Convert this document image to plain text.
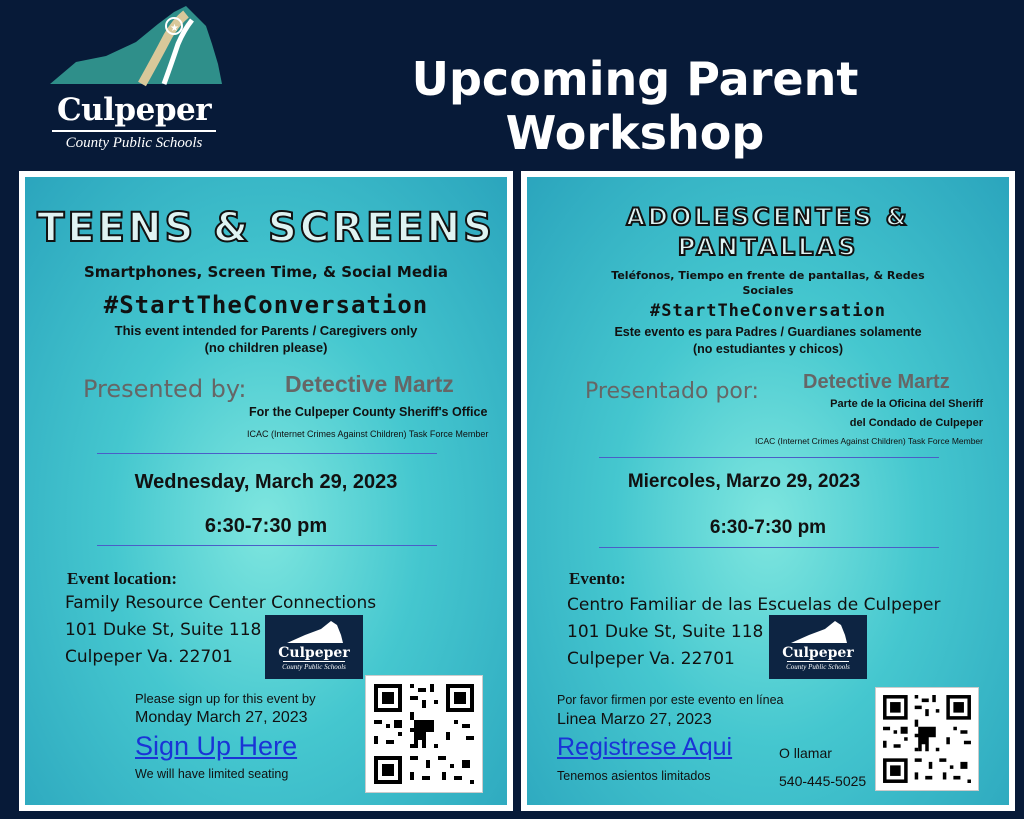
★
Culpeper
County Public Schools
Upcoming Parent Workshop
TEENS & SCREENS
Smartphones, Screen Time, & Social Media
#StartTheConversation
This event intended for Parents / Caregivers only
(no children please)
Presented by: Detective Martz
For the Culpeper County Sheriff's Office
ICAC (Internet Crimes Against Children) Task Force Member
Wednesday, March 29, 2023
6:30-7:30 pm
Event location:
Family Resource Center Connections
101 Duke St, Suite 118
Culpeper Va. 22701	Culpeper
County Public Schools
Please sign up for this event by
Monday March 27, 2023
Sign Up Here
We will have limited seating
ADOLESCENTES &
PANTALLAS
Teléfonos, Tiempo en frente de pantallas, & Redes
Sociales
#StartTheConversation
Este evento es para Padres / Guardianes solamente
(no estudiantes y chicos)
Presentado por: Detective Martz
Parte de la Oficina del Sheriff
del Condado de Culpeper
ICAC (Internet Crimes Against Children) Task Force Member
Miercoles, Marzo 29, 2023
6:30-7:30 pm
Evento:
Centro Familiar de las Escuelas de Culpeper
101 Duke St, Suite 118
Culpeper Va. 22701	Culpeper
County Public Schools
Por favor firmen por este evento en línea
Linea Marzo 27, 2023
Registrese Aqui	O llamar
540-445-5025
Tenemos asientos limitados
